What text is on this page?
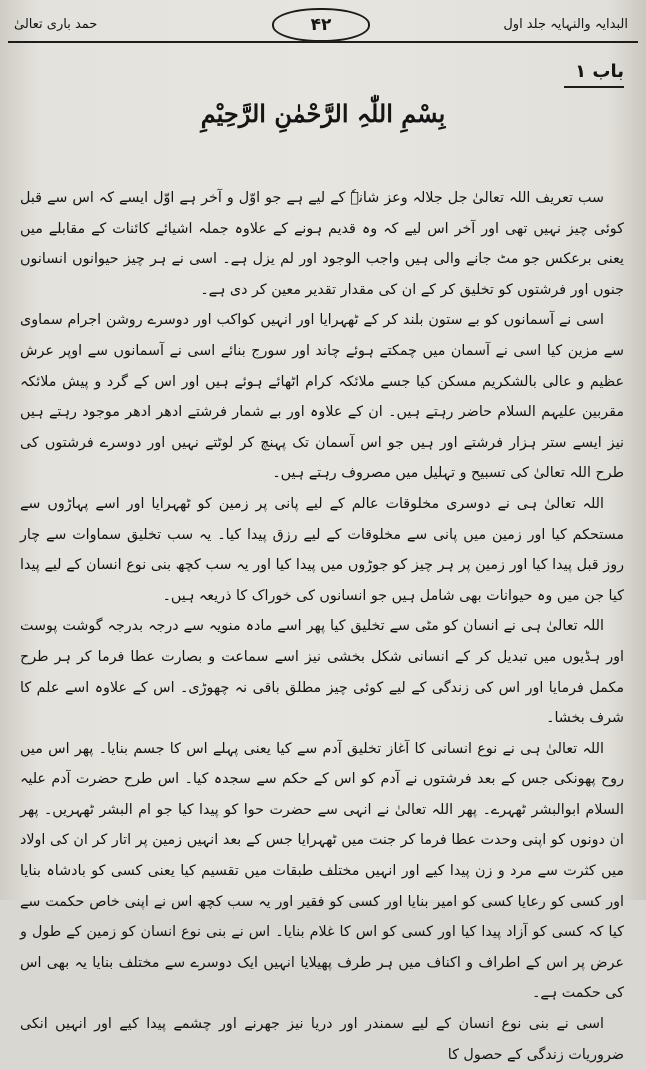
البدایہ والنہایہ جلد اول
۴۲
حمد باری تعالیٰ
باب ۱
بِسْمِ اللّٰہِ الرَّحْمٰنِ الرَّحِیْمِ

سب تعریف اللہ تعالیٰ جل جلالہ وعز شانہٗ کے لیے ہے جو اوّل و آخر ہے اوّل ایسے کہ اس سے قبل کوئی چیز نہیں تھی اور آخر اس لیے کہ وہ قدیم ہونے کے علاوہ جملہ اشیائے کائنات کے مقابلے میں یعنی برعکس جو مٹ جانے والی ہیں واجب الوجود اور لم یزل ہے۔ اسی نے ہر چیز حیوانوں انسانوں جنوں اور فرشتوں کو تخلیق کر کے ان کی مقدار تقدیر معین کر دی ہے۔

اسی نے آسمانوں کو بے ستون بلند کر کے ٹھہرایا اور انہیں کواکب اور دوسرے روشن اجرام سماوی سے مزین کیا اسی نے آسمان میں چمکتے ہوئے چاند اور سورج بنائے اسی نے آسمانوں سے اوپر عرش عظیم و عالی بالشکریم مسکن کیا جسے ملائکہ کرام اٹھائے ہوئے ہیں اور اس کے گرد و پیش ملائکہ مقربین علیہم السلام حاضر رہتے ہیں۔ ان کے علاوہ اور بے شمار فرشتے ادھر ادھر موجود رہتے ہیں نیز ایسے ستر ہزار فرشتے اور ہیں جو اس آسمان تک پہنچ کر لوٹتے نہیں اور دوسرے فرشتوں کی طرح اللہ تعالیٰ کی تسبیح و تہلیل میں مصروف رہتے ہیں۔

اللہ تعالیٰ ہی نے دوسری مخلوقات عالم کے لیے پانی پر زمین کو ٹھہرایا اور اسے پہاڑوں سے مستحکم کیا اور زمین میں پانی سے مخلوقات کے لیے رزق پیدا کیا۔ یہ سب تخلیق سماوات سے چار روز قبل پیدا کیا اور زمین پر ہر چیز کو جوڑوں میں پیدا کیا اور یہ سب کچھ بنی نوع انسان کے لیے پیدا کیا جن میں وہ حیوانات بھی شامل ہیں جو انسانوں کی خوراک کا ذریعہ ہیں۔

اللہ تعالیٰ ہی نے انسان کو مٹی سے تخلیق کیا پھر اسے مادہ منویہ سے درجہ بدرجہ گوشت پوست اور ہڈیوں میں تبدیل کر کے انسانی شکل بخشی نیز اسے سماعت و بصارت عطا فرما کر ہر طرح مکمل فرمایا اور اس کی زندگی کے لیے کوئی چیز مطلق باقی نہ چھوڑی۔ اس کے علاوہ اسے علم کا شرف بخشا۔

اللہ تعالیٰ ہی نے نوع انسانی کا آغاز تخلیق آدم سے کیا یعنی پہلے اس کا جسم بنایا۔ پھر اس میں روح پھونکی جس کے بعد فرشتوں نے آدم کو اس کے حکم سے سجدہ کیا۔ اس طرح حضرت آدم علیہ السلام ابوالبشر ٹھہرے۔ پھر اللہ تعالیٰ نے انہی سے حضرت حوا کو پیدا کیا جو ام البشر ٹھہریں۔ پھر ان دونوں کو اپنی وحدت عطا فرما کر جنت میں ٹھہرایا جس کے بعد انہیں زمین پر اتار کر ان کی اولاد میں کثرت سے مرد و زن پیدا کیے اور انہیں مختلف طبقات میں تقسیم کیا یعنی کسی کو بادشاہ بنایا اور کسی کو رعایا کسی کو امیر بنایا اور کسی کو فقیر اور یہ سب کچھ اس نے اپنی خاص حکمت سے کیا کہ کسی کو آزاد پیدا کیا اور کسی کو اس کا غلام بنایا۔ اس نے بنی نوع انسان کو زمین کے طول و عرض پر اس کے اطراف و اکناف میں ہر طرف پھیلایا انہیں ایک دوسرے سے مختلف بنایا یہ بھی اس کی حکمت ہے۔

اسی نے بنی نوع انسان کے لیے سمندر اور دریا نیز جھرنے اور چشمے پیدا کیے اور انہیں انکی ضروریات زندگی کے حصول کا
